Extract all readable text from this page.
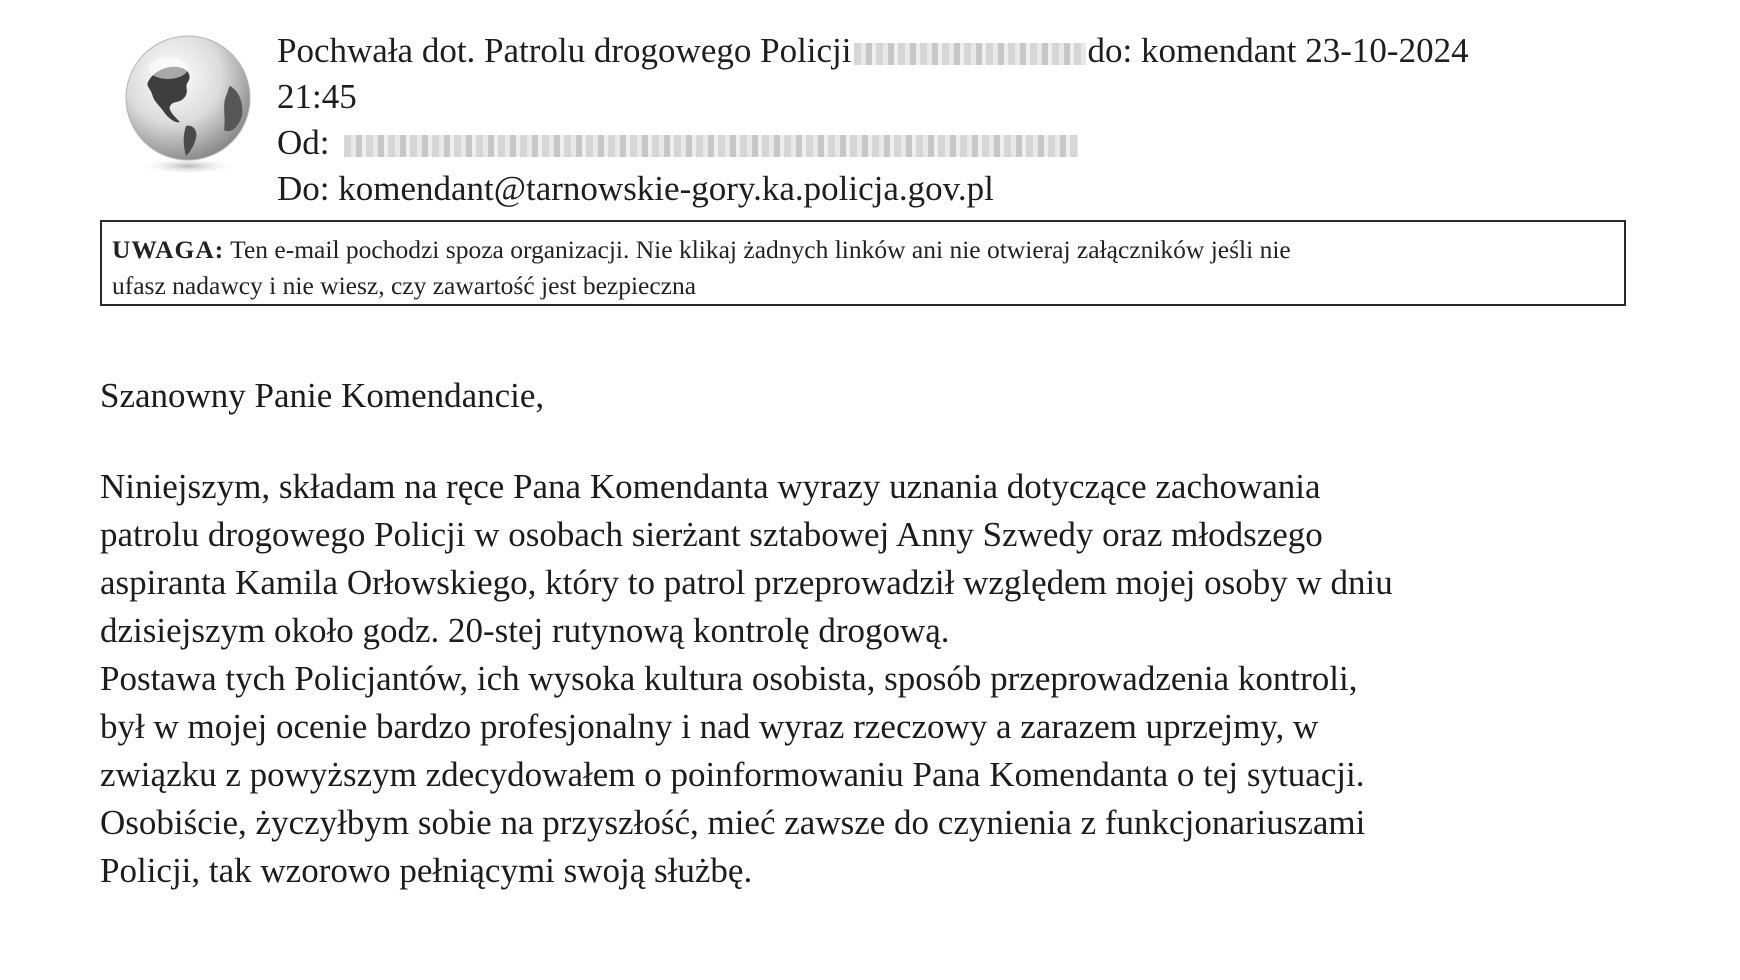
Pochwała dot. Patrolu drogowego Policji	do: komendant 23-10-2024
21:45
Od:
Do: komendant@tarnowskie-gory.ka.policja.gov.pl
UWAGA: Ten e-mail pochodzi spoza organizacji. Nie klikaj żadnych linków ani nie otwieraj załączników jeśli nie
ufasz nadawcy i nie wiesz, czy zawartość jest bezpieczna
Szanowny Panie Komendancie,
Niniejszym, składam na ręce Pana Komendanta wyrazy uznania dotyczące zachowania
patrolu drogowego Policji w osobach sierżant sztabowej Anny Szwedy oraz młodszego
aspiranta Kamila Orłowskiego, który to patrol przeprowadził względem mojej osoby w dniu
dzisiejszym około godz. 20-stej rutynową kontrolę drogową.
Postawa tych Policjantów, ich wysoka kultura osobista, sposób przeprowadzenia kontroli,
był w mojej ocenie bardzo profesjonalny i nad wyraz rzeczowy a zarazem uprzejmy, w
związku z powyższym zdecydowałem o poinformowaniu Pana Komendanta o tej sytuacji.
Osobiście, życzyłbym sobie na przyszłość, mieć zawsze do czynienia z funkcjonariuszami
Policji, tak wzorowo pełniącymi swoją służbę.
